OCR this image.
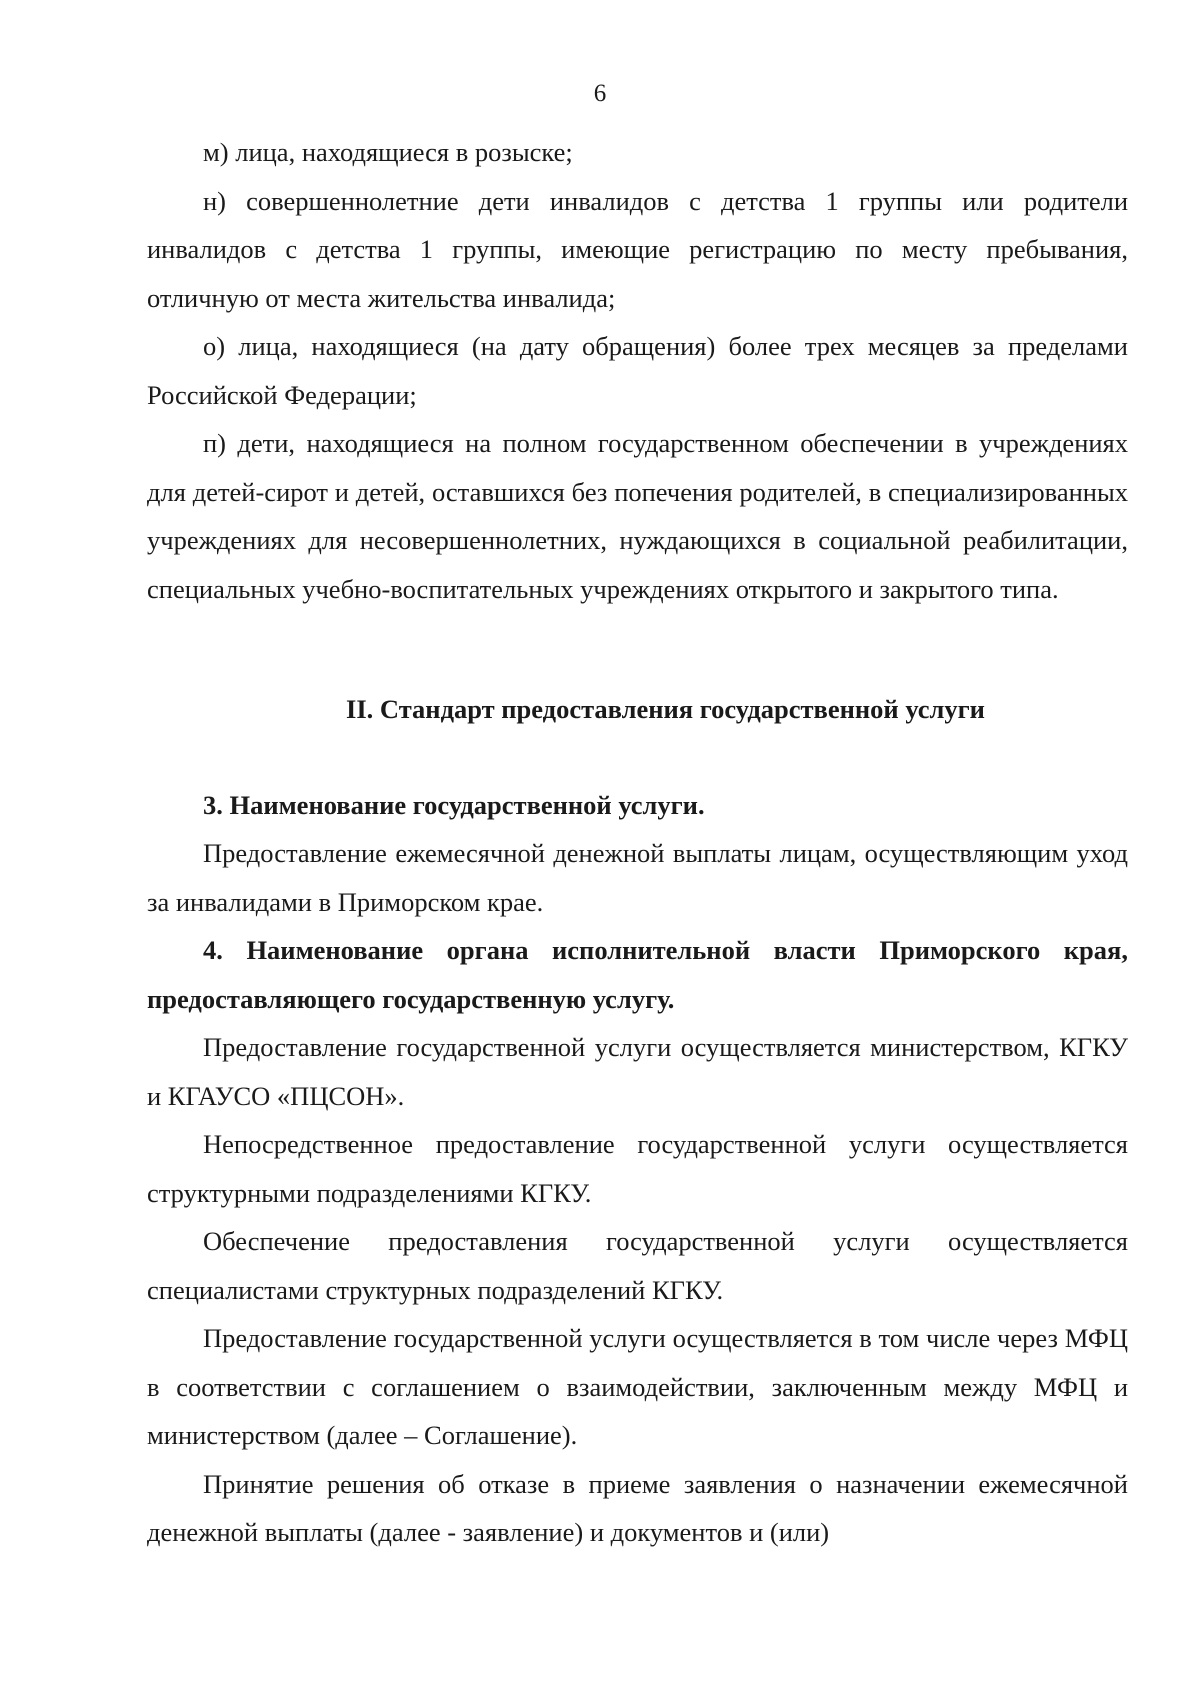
6

м) лица, находящиеся в розыске;

н) совершеннолетние дети инвалидов с детства 1 группы или родители инвалидов с детства 1 группы, имеющие регистрацию по месту пребывания, отличную от места жительства инвалида;

о) лица, находящиеся (на дату обращения) более трех месяцев за пределами Российской Федерации;

п) дети, находящиеся на полном государственном обеспечении в учреждениях для детей-сирот и детей, оставшихся без попечения родителей, в специализированных учреждениях для несовершеннолетних, нуждающихся в социальной реабилитации, специальных учебно-воспитательных учреждениях открытого и закрытого типа.

II. Стандарт предоставления государственной услуги

3. Наименование государственной услуги.

Предоставление ежемесячной денежной выплаты лицам, осуществляющим уход за инвалидами в Приморском крае.

4. Наименование органа исполнительной власти Приморского края, предоставляющего государственную услугу.

Предоставление государственной услуги осуществляется министерством, КГКУ и КГАУСО «ПЦСОН».

Непосредственное предоставление государственной услуги осуществляется структурными подразделениями КГКУ.

Обеспечение предоставления государственной услуги осуществляется специалистами структурных подразделений КГКУ.

Предоставление государственной услуги осуществляется в том числе через МФЦ в соответствии с соглашением о взаимодействии, заключенным между МФЦ и министерством (далее – Соглашение).

Принятие решения об отказе в приеме заявления о назначении ежемесячной денежной выплаты (далее - заявление) и документов и (или)
